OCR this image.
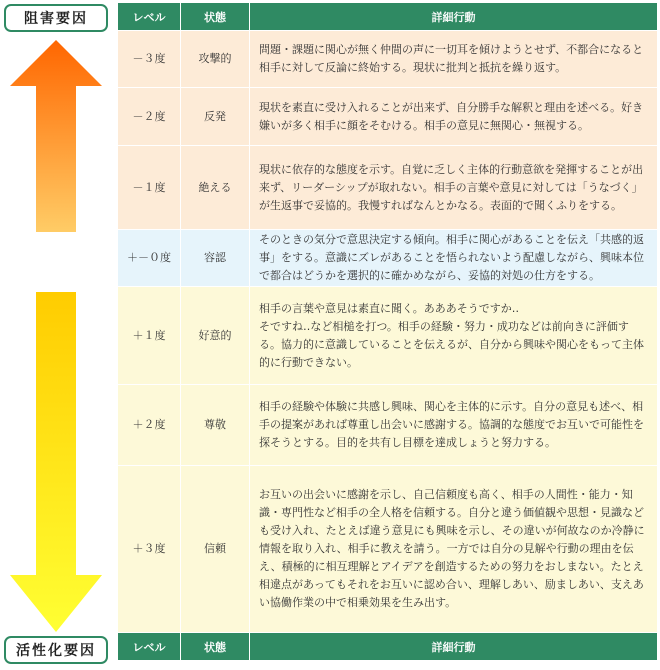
阻害要因
活性化要因
レベル	状態	詳細行動
－３度	攻撃的	問題・課題に関心が無く仲間の声に一切耳を傾けようとせず、不都合になると相手に対して反論に終始する。現状に批判と抵抗を繰り返す。
－２度	反発	現状を素直に受け入れることが出来ず、自分勝手な解釈と理由を述べる。好き嫌いが多く相手に顔をそむける。相手の意見に無関心・無視する。
－１度	絶える	現状に依存的な態度を示す。自覚に乏しく主体的行動意欲を発揮することが出来ず、リーダーシップが取れない。相手の言葉や意見に対しては「うなづく」が生返事で妥協的。我慢すればなんとかなる。表面的で聞くふりをする。
＋－０度	容認	そのときの気分で意思決定する傾向。相手に関心があることを伝え「共感的返事」をする。意識にズレがあることを悟られないよう配慮しながら、興味本位で都合はどうかを選択的に確かめながら、妥協的対処の仕方をする。
＋１度	好意的	相手の言葉や意見は素直に聞く。あああそうですか‥
そですね‥など相槌を打つ。相手の経験・努力・成功などは前向きに評価する。協力的に意識していることを伝えるが、自分から興味や関心をもって主体的に行動できない。
＋２度	尊敬	相手の経験や体験に共感し興味、関心を主体的に示す。自分の意見も述べ、相手の提案があれば尊重し出会いに感謝する。協調的な態度でお互いで可能性を探そうとする。目的を共有し目標を達成しょうと努力する。
＋３度	信頼	お互いの出会いに感謝を示し、自己信頼度も高く、相手の人間性・能力・知識・専門性など相手の全人格を信頼する。自分と違う価値観や思想・見識なども受け入れ、たとえば違う意見にも興味を示し、その違いが何故なのか冷静に情報を取り入れ、相手に教えを請う。一方では自分の見解や行動の理由を伝え、積極的に相互理解とアイデアを創造するための努力をおしまない。たとえ相違点があってもそれをお互いに認め合い、理解しあい、励ましあい、支えあい協働作業の中で相乗効果を生み出す。
レベル	状態	詳細行動
